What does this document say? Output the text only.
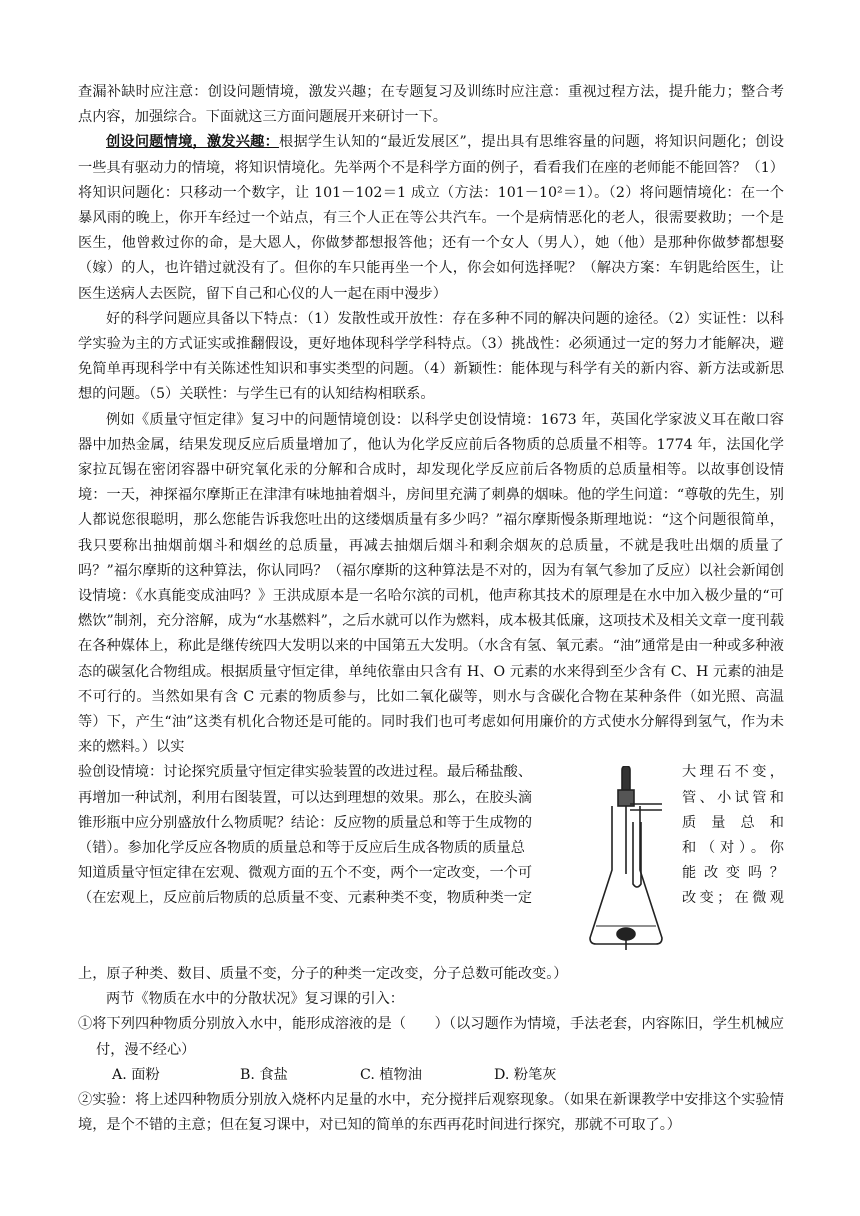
查漏补缺时应注意：创设问题情境，激发兴趣；在专题复习及训练时应注意：重视过程方法，提升能力；整合考点内容，加强综合。下面就这三方面问题展开来研讨一下。

创设问题情境，激发兴趣：根据学生认知的“最近发展区”，提出具有思维容量的问题，将知识问题化；创设一些具有驱动力的情境，将知识情境化。先举两个不是科学方面的例子，看看我们在座的老师能不能回答？（1）将知识问题化：只移动一个数字，让 101－102＝1 成立（方法：101－10²＝1）。（2）将问题情境化：在一个暴风雨的晚上，你开车经过一个站点，有三个人正在等公共汽车。一个是病情恶化的老人，很需要救助；一个是医生，他曾救过你的命，是大恩人，你做梦都想报答他；还有一个女人（男人），她（他）是那种你做梦都想娶（嫁）的人，也许错过就没有了。但你的车只能再坐一个人，你会如何选择呢？（解决方案：车钥匙给医生，让医生送病人去医院，留下自己和心仪的人一起在雨中漫步）

好的科学问题应具备以下特点：（1）发散性或开放性：存在多种不同的解决问题的途径。（2）实证性：以科学实验为主的方式证实或推翻假设，更好地体现科学学科特点。（3）挑战性：必须通过一定的努力才能解决，避免简单再现科学中有关陈述性知识和事实类型的问题。（4）新颖性：能体现与科学有关的新内容、新方法或新思想的问题。（5）关联性：与学生已有的认知结构相联系。

例如《质量守恒定律》复习中的问题情境创设：以科学史创设情境：1673 年，英国化学家波义耳在敞口容器中加热金属，结果发现反应后质量增加了，他认为化学反应前后各物质的总质量不相等。1774 年，法国化学家拉瓦锡在密闭容器中研究氧化汞的分解和合成时，却发现化学反应前后各物质的总质量相等。以故事创设情境：一天，神探福尔摩斯正在津津有味地抽着烟斗，房间里充满了刺鼻的烟味。他的学生问道：“尊敬的先生，别人都说您很聪明，那么您能告诉我您吐出的这缕烟质量有多少吗？”福尔摩斯慢条斯理地说：“这个问题很简单，我只要称出抽烟前烟斗和烟丝的总质量，再减去抽烟后烟斗和剩余烟灰的总质量，不就是我吐出烟的质量了吗？”福尔摩斯的这种算法，你认同吗？（福尔摩斯的这种算法是不对的，因为有氧气参加了反应）以社会新闻创设情境：《水真能变成油吗？》王洪成原本是一名哈尔滨的司机，他声称其技术的原理是在水中加入极少量的“可燃饮”制剂，充分溶解，成为“水基燃料”，之后水就可以作为燃料，成本极其低廉，这项技术及相关文章一度刊载在各种媒体上，称此是继传统四大发明以来的中国第五大发明。（水含有氢、氧元素。“油”通常是由一种或多种液态的碳氢化合物组成。根据质量守恒定律，单纯依靠由只含有 H、O 元素的水来得到至少含有 C、H 元素的油是不可行的。当然如果有含 C 元素的物质参与，比如二氧化碳等，则水与含碳化合物在某种条件（如光照、高温等）下，产生“油”这类有机化合物还是可能的。同时我们也可考虑如何用廉价的方式使水分解得到氢气，作为未来的燃料。）以实

验创设情境：讨论探究质量守恒定律实验装置的改进过程。最后稀盐酸、
再增加一种试剂，利用右图装置，可以达到理想的效果。那么，在胶头滴
锥形瓶中应分别盛放什么物质呢？结论：反应物的质量总和等于生成物的
（错）。参加化学反应各物质的质量总和等于反应后生成各物质的质量总
知道质量守恒定律在宏观、微观方面的五个不变，两个一定改变，一个可
（在宏观上，反应前后物质的总质量不变、元素种类不变，物质种类一定
大理石不变，
管、小试管和
质 量 总 和
和（对）。你
能 改 变 吗 ？
改变；在微观

上，原子种类、数目、质量不变，分子的种类一定改变，分子总数可能改变。）

两节《物质在水中的分散状况》复习课的引入：

①将下列四种物质分别放入水中，能形成溶液的是（　　）（以习题作为情境，手法老套，内容陈旧，学生机械应付，漫不经心）

A. 面粉	B. 食盐	C. 植物油	D. 粉笔灰

②实验：将上述四种物质分别放入烧杯内足量的水中，充分搅拌后观察现象。（如果在新课教学中安排这个实验情境，是个不错的主意；但在复习课中，对已知的简单的东西再花时间进行探究，那就不可取了。）
